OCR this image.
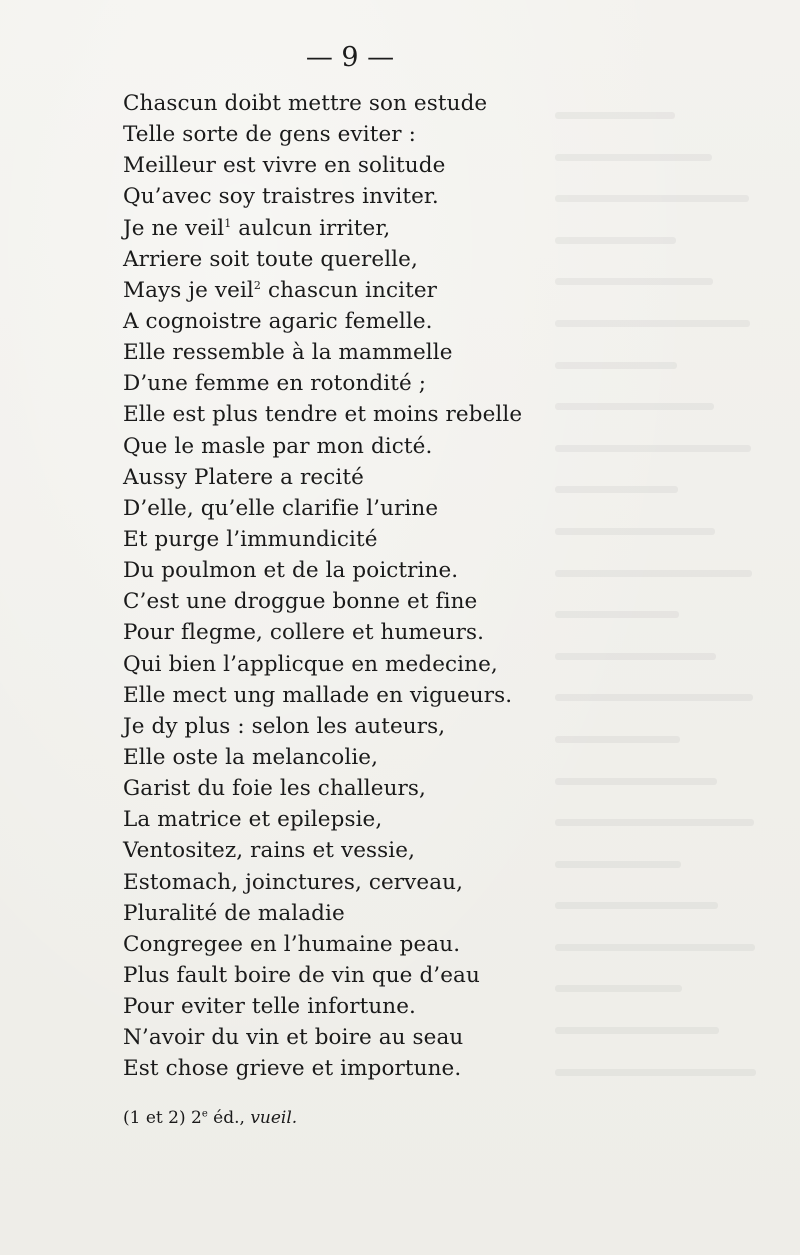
— 9 —
Chascun doibt mettre son estude
Telle sorte de gens eviter :
Meilleur est vivre en solitude
Qu’avec soy traistres inviter.
Je ne veil$^1$ aulcun irriter,
Arriere soit toute querelle,
Mays je veil$^2$ chascun inciter
A cognoistre agaric femelle.
Elle ressemble à la mammelle
D’une femme en rotondité ;
Elle est plus tendre et moins rebelle
Que le masle par mon dicté.
Aussy Platere a recité
D’elle, qu’elle clarifie l’urine
Et purge l’immundicité
Du poulmon et de la poictrine.
C’est une droggue bonne et fine
Pour flegme, collere et humeurs.
Qui bien l’applicque en medecine,
Elle mect ung mallade en vigueurs.
Je dy plus : selon les auteurs,
Elle oste la melancolie,
Garist du foie les challeurs,
La matrice et epilepsie,
Ventositez, rains et vessie,
Estomach, joinctures, cerveau,
Pluralité de maladie
Congregee en l’humaine peau.
Plus fault boire de vin que d’eau
Pour eviter telle infortune.
N’avoir du vin et boire au seau
Est chose grieve et importune.
(1 et 2) 2e éd., vueil.
